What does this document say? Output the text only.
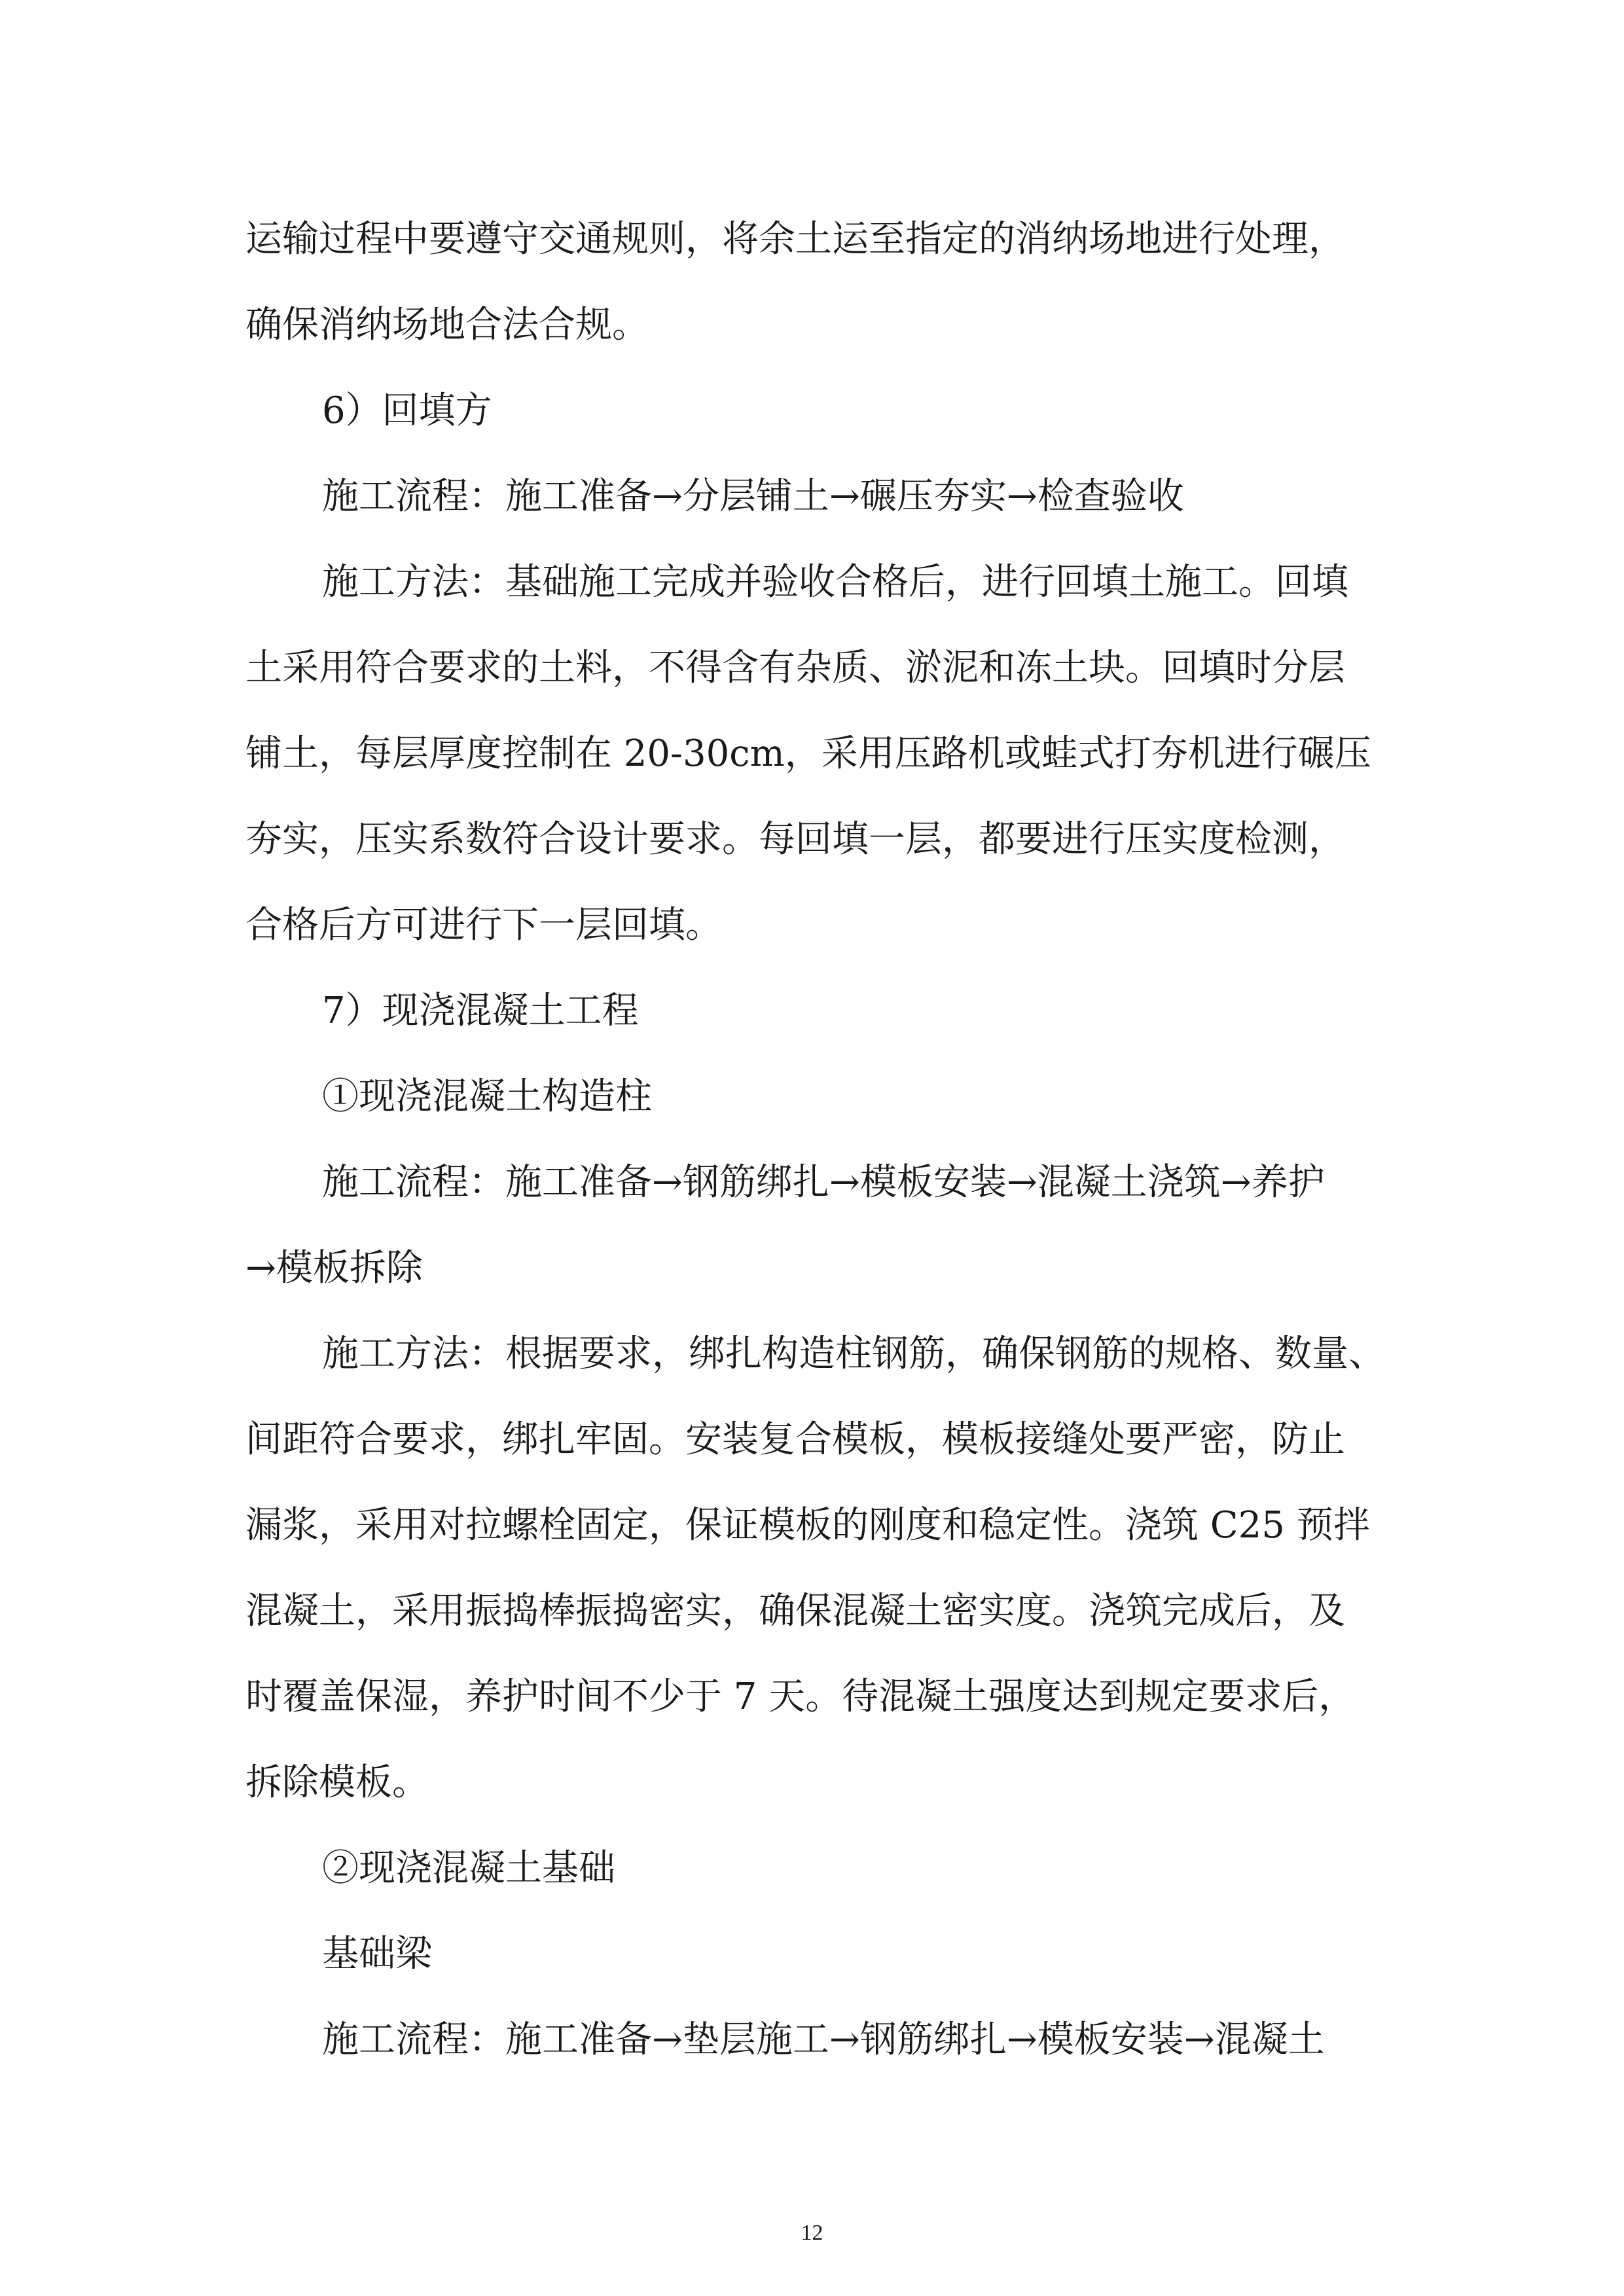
运输过程中要遵守交通规则，将余土运至指定的消纳场地进行处理，

确保消纳场地合法合规。

6）回填方

施工流程：施工准备→分层铺土→碾压夯实→检查验收

施工方法：基础施工完成并验收合格后，进行回填土施工。回填

土采用符合要求的土料，不得含有杂质、淤泥和冻土块。回填时分层

铺土，每层厚度控制在 20-30cm，采用压路机或蛙式打夯机进行碾压

夯实，压实系数符合设计要求。每回填一层，都要进行压实度检测，

合格后方可进行下一层回填。

7）现浇混凝土工程

①现浇混凝土构造柱

施工流程：施工准备→钢筋绑扎→模板安装→混凝土浇筑→养护

→模板拆除

施工方法：根据要求，绑扎构造柱钢筋，确保钢筋的规格、数量、

间距符合要求，绑扎牢固。安装复合模板，模板接缝处要严密，防止

漏浆，采用对拉螺栓固定，保证模板的刚度和稳定性。浇筑 C25 预拌

混凝土，采用振捣棒振捣密实，确保混凝土密实度。浇筑完成后，及

时覆盖保湿，养护时间不少于 7 天。待混凝土强度达到规定要求后，

拆除模板。

②现浇混凝土基础

基础梁

施工流程：施工准备→垫层施工→钢筋绑扎→模板安装→混凝土

12
